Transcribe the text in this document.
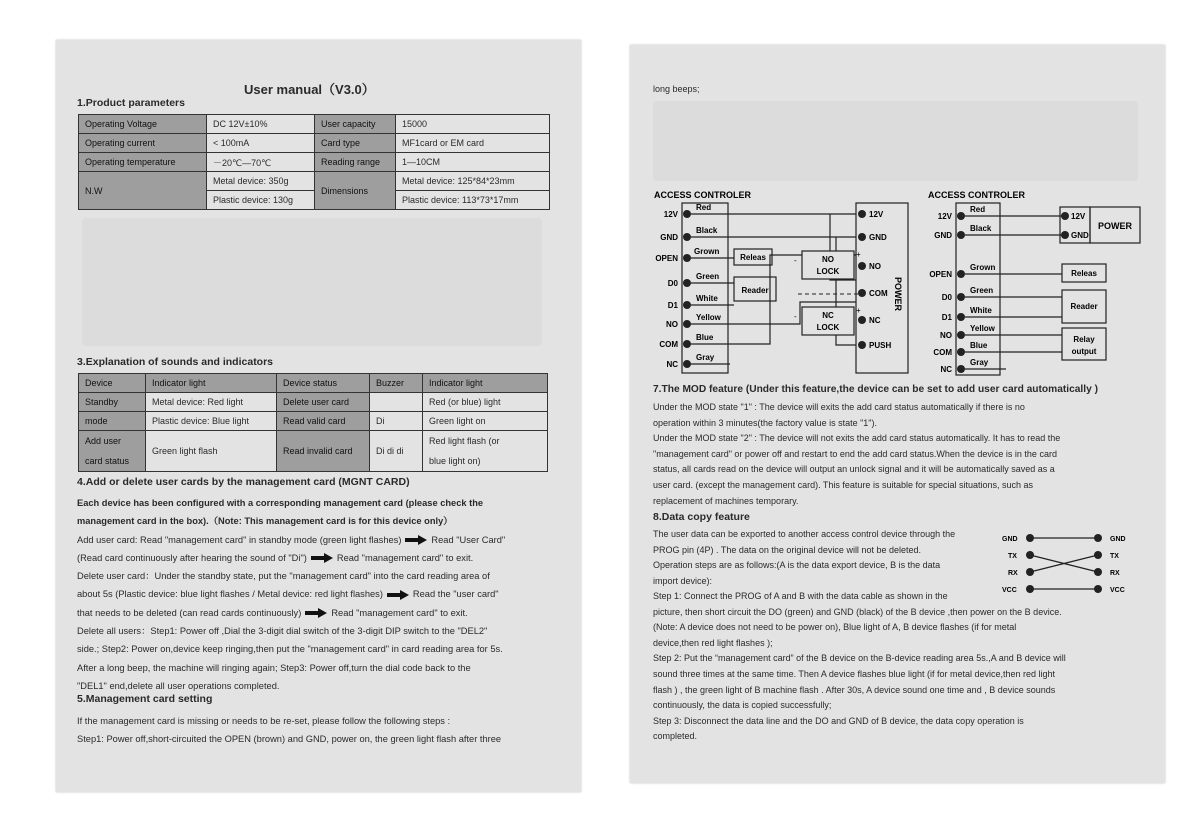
User manual（V3.0）
1.Product parameters
Operating Voltage	DC 12V±10%	User capacity	15000
Operating current	< 100mA	Card type	MF1card or EM card
Operating temperature	－20℃—70℃	Reading range	1—10CM
N.W	Metal device: 350g	Dimensions	Metal device: 125*84*23mm
	Plastic device: 130g		Plastic device: 113*73*17mm
3.Explanation of sounds and indicators
Device	Indicator light	Device status	Buzzer	Indicator light
Standby	Metal device: Red light	Delete user card		Red (or blue) light
mode	Plastic device: Blue light	Read valid card	Di	Green light on
Add user
card status	Green light flash	Read invalid card	Di di di	Red light flash (or
blue light on)
4.Add or delete user cards by the management card (MGNT CARD)
Each device has been configured with a corresponding management card (please check the
management card in the box).（Note: This management card is for this device only）
Add user card: Read "management card" in standby mode (green light flashes)	Read "User Card"
(Read card continuously after hearing the sound of "Di")	Read "management card" to exit.
Delete user card：Under the standby state, put the "management card" into the card reading area of
about 5s (Plastic device: blue light flashes / Metal device: red light flashes)	Read the "user card"
that needs to be deleted (can read cards continuously)	Read "management card" to exit.
Delete all users：Step1: Power off ,Dial the 3-digit dial switch of the 3-digit DIP switch to the "DEL2"
side.; Step2: Power on,device keep ringing,then put the "management card" in card reading area for 5s.
After a long beep, the machine will ringing again; Step3: Power off,turn the dial code back to the
"DEL1" end,delete all user operations completed.
5.Management card setting
If the management card is missing or needs to be re-set, please follow the following steps :
Step1: Power off,short-circuited the OPEN (brown) and GND, power on, the green light flash after three
long beeps;
ACCESS CONTROLER
12V
GND
OPEN
D0
D1
NO
COM
NC
Red
Black
Grown
Green
White
Yellow
Blue
Gray
Releas
Reader
NO
LOCK
NC
LOCK
+
-
+
-
12V
GND
NO
COM
NC
PUSH
POWER
ACCESS CONTROLER
12V
GND
OPEN
D0
D1
NO
COM
NC
Red
Black
Grown
Green
White
Yellow
Blue
Gray
12V
GND
POWER
Releas
Reader
Relay
output
7.The MOD feature (Under this feature,the device can be set to add user card automatically )
Under the MOD state "1" : The device will exits the add card status automatically if there is no
operation within 3 minutes(the factory value is state "1").
Under the MOD state "2" : The device will not exits the add card status automatically. It has to read the
"management card" or power off and restart to end the add card status.When the device is in the card
status, all cards read on the device will output an unlock signal and it will be automatically saved as a
user card. (except the management card). This feature is suitable for special situations, such as
replacement of machines temporary.
8.Data copy feature
The user data can be exported to another access control device through the
PROG pin (4P) . The data on the original device will not be deleted.
Operation steps are as follows:(A is the data export device, B is the data
import device):
GND
TX
RX
VCC
GND
TX
RX
VCC
Step 1: Connect the PROG of A and B with the data cable as shown in the
picture, then short circuit the DO (green) and GND (black) of the B device ,then power on the B device.
(Note: A device does not need to be power on), Blue light of A, B device flashes (if for metal
device,then red light flashes );
Step 2: Put the “management card” of the B device on the B-device reading area 5s.,A and B device will
sound three times at the same time. Then A device flashes blue light (if for metal device,then red light
flash ) , the green light of B machine flash . After 30s, A device sound one time and , B device sounds
continuously, the data is copied successfully;
Step 3: Disconnect the data line and the DO and GND of B device, the data copy operation is
completed.
